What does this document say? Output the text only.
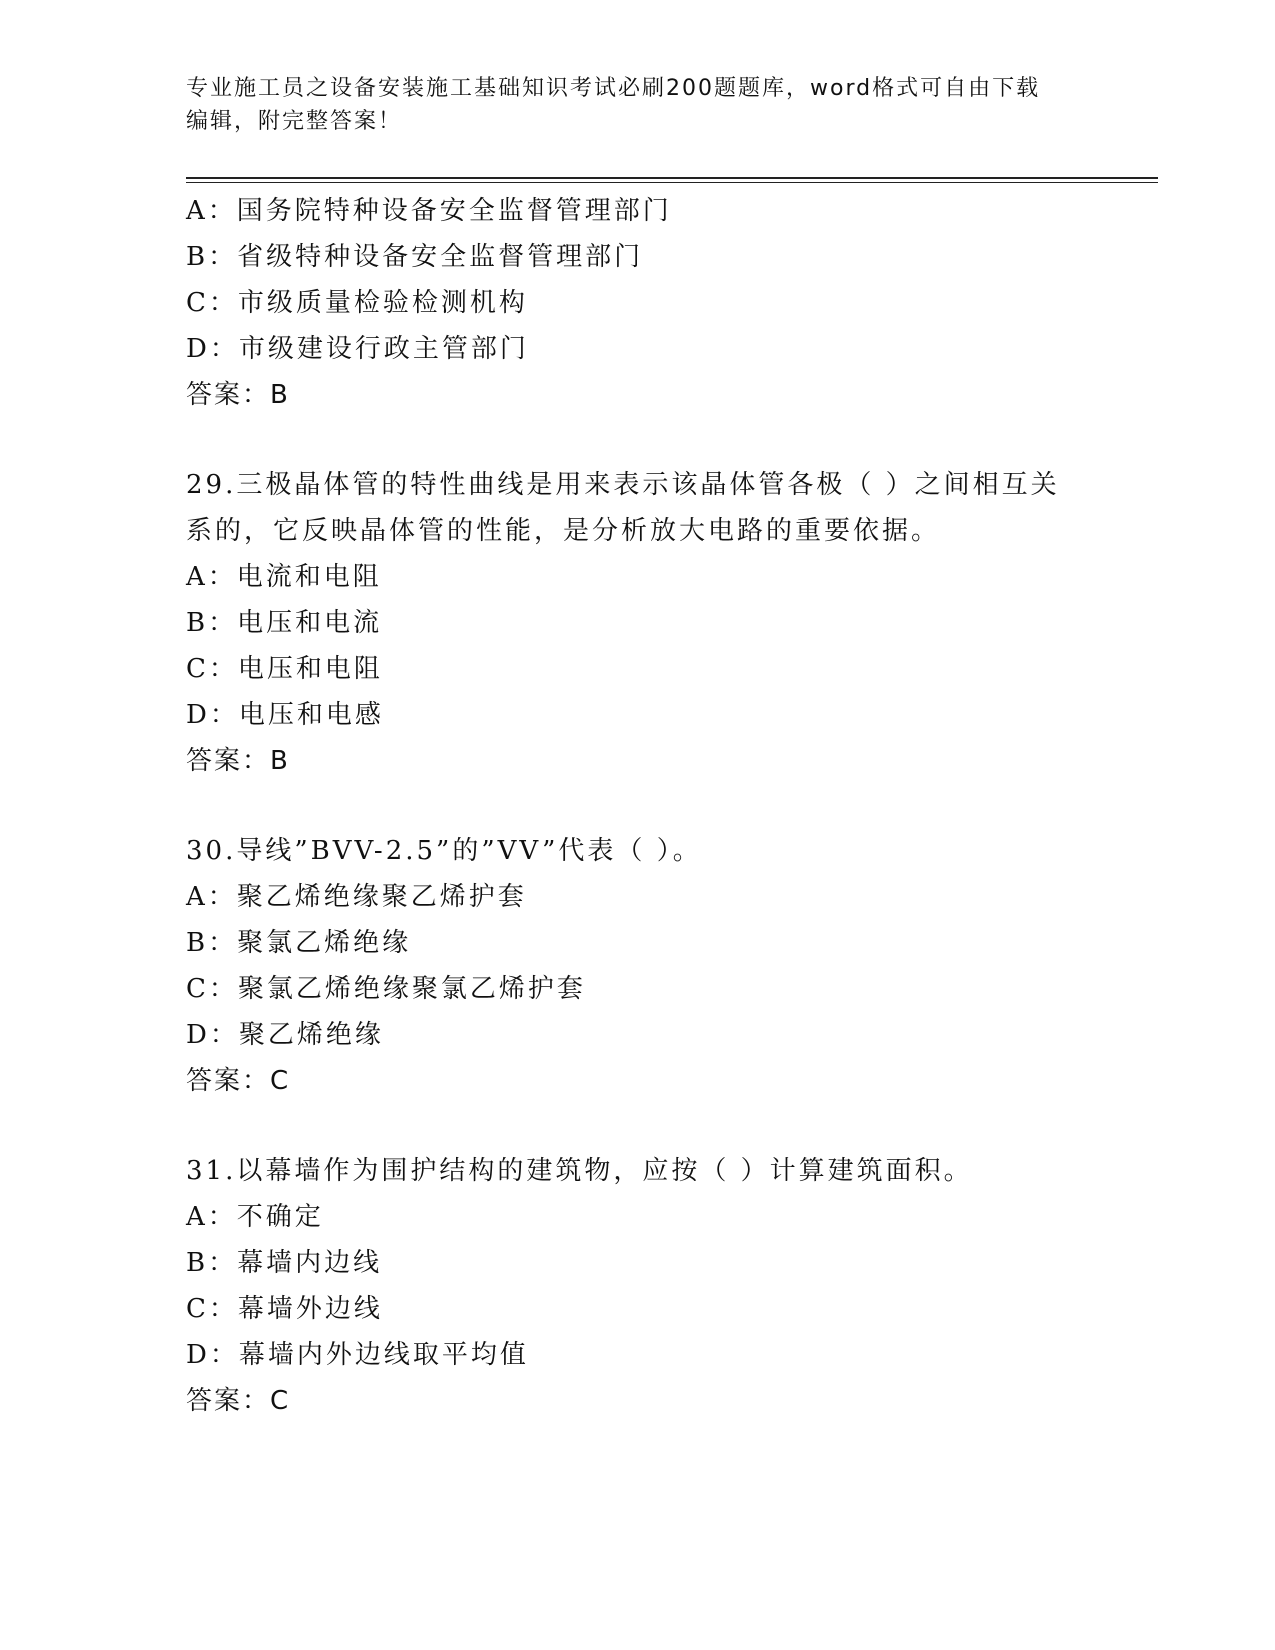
专业施工员之设备安装施工基础知识考试必刷200题题库，word格式可自由下载
编辑，附完整答案！
A：国务院特种设备安全监督管理部门
B：省级特种设备安全监督管理部门
C：市级质量检验检测机构
D：市级建设行政主管部门
答案：B
29.三极晶体管的特性曲线是用来表示该晶体管各极（ ）之间相互关
系的，它反映晶体管的性能，是分析放大电路的重要依据。
A：电流和电阻
B：电压和电流
C：电压和电阻
D：电压和电感
答案：B
30.导线”BVV-2.5”的”VV”代表（ ）。
A：聚乙烯绝缘聚乙烯护套
B：聚氯乙烯绝缘
C：聚氯乙烯绝缘聚氯乙烯护套
D：聚乙烯绝缘
答案：C
31.以幕墙作为围护结构的建筑物，应按（ ）计算建筑面积。
A：不确定
B：幕墙内边线
C：幕墙外边线
D：幕墙内外边线取平均值
答案：C
